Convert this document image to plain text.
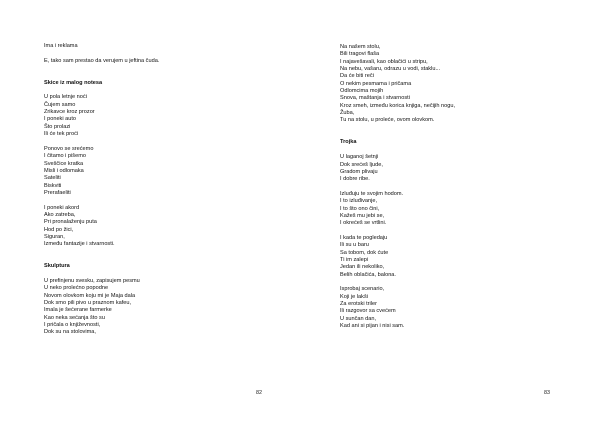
Ima i reklama
E, tako sam prestao da verujem u jeftina čuda.
Skice iz malog notesa
U pola letnje noći
Čujem samo
Zrikavce kroz prozor
I poneki auto
Što prolazi
Ili će tek proći
Ponovo se srećemo
I čitamo i pišemo
Sveščice kratka
Misli i odlomaka
Sateliti
Biskviti
Prerafaeliti
I poneki akord
Ako zatreba,
Pri pronalaženju puta
Hod po žici,
Siguran,
Između fantazije i stvarnosti.
Skulptura
U prefinjenu svesku, zapisujem pesmu
U neko prolećno popodne
Novom olovkom koju mi je Maja dala
Dok smo pili pivo u praznom kafeu,
Imala je šećerane farmerke
Kao neka sećanja što su
I pričala o književnosti,
Dok su na stolovima,
82
Na našem stolu,
Bili tragovi flaša
I najavešavali, kao oblačići u stripu,
Na nebu, vašaru, odrazu u vodi, staklu...
Da će biti reči
O nekim pesmama i pričama
Odlomcima mojih
Snova, maštanja i stvarnosti
Kroz smeh, između korica knjiga, nečijih nogu,
Žuba,
Tu na stolu, u prolećе, ovom olovkom.
Trojka
U laganoj šetnji
Dok srećeš ljude,
Gradom plivaju
I dobre ribe.
Izluđuju te svojim hodom.
I to izluđivanje,
I to što ono čini,
Kažeš mu jebi se,
I okrećeš se vrtlini.
I kada te pogledaju
Ili su u baru
Sa tobom, dok ćute
Ti im zalepi
Jedan ili nekoliko,
Belih oblačića, balona.
Isprobaj scenario,
Koji je lakši
Za erotski triler
Ili razgovor sa cvećem
U sunčan dan,
Kad ani si pijan i nisi sam.
83
